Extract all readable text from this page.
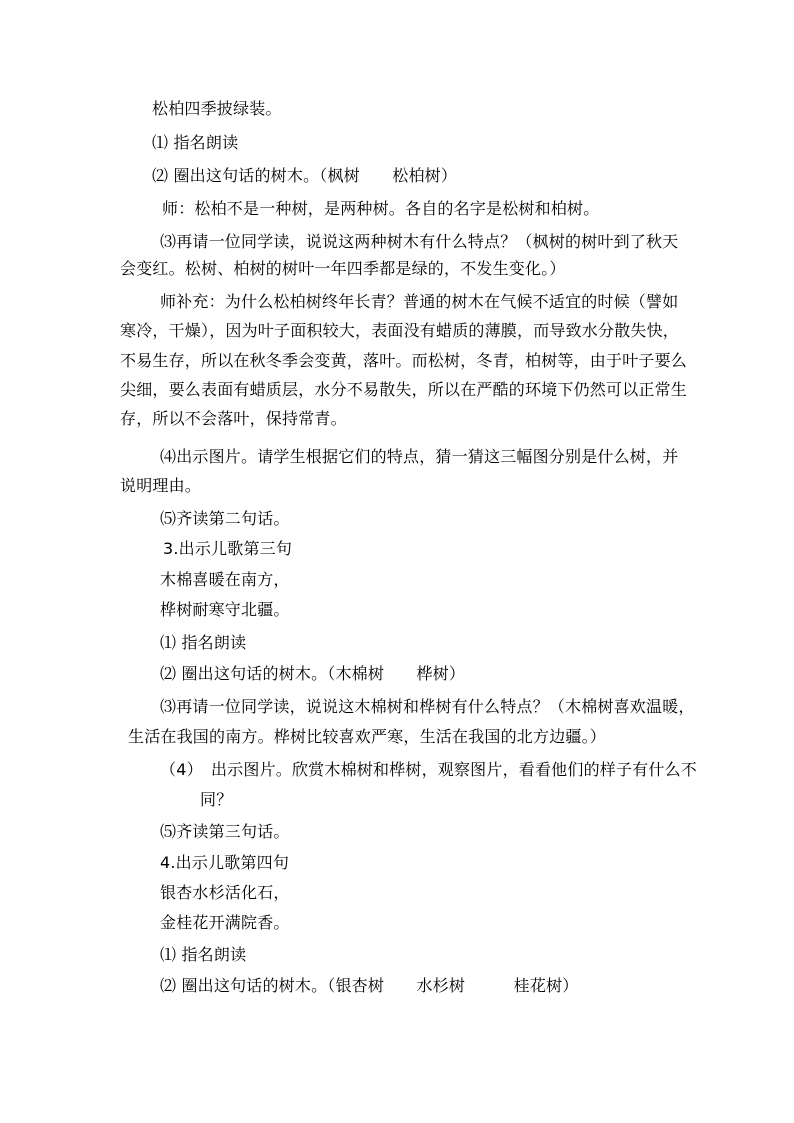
松柏四季披绿装。
⑴ 指名朗读
⑵ 圈出这句话的树木。（枫树　　松柏树）
师：松柏不是一种树，是两种树。各自的名字是松树和柏树。
⑶再请一位同学读，说说这两种树木有什么特点？（枫树的树叶到了秋天
会变红。松树、柏树的树叶一年四季都是绿的，不发生变化。）
师补充：为什么松柏树终年长青？普通的树木在气候不适宜的时候（譬如
寒冷，干燥），因为叶子面积较大，表面没有蜡质的薄膜，而导致水分散失快，
不易生存，所以在秋冬季会变黄，落叶。而松树，冬青，柏树等，由于叶子要么
尖细，要么表面有蜡质层，水分不易散失，所以在严酷的环境下仍然可以正常生
存，所以不会落叶，保持常青。
⑷出示图片。请学生根据它们的特点，猜一猜这三幅图分别是什么树，并
说明理由。
⑸齐读第二句话。
3.出示儿歌第三句
木棉喜暖在南方，
桦树耐寒守北疆。
⑴ 指名朗读
⑵ 圈出这句话的树木。（木棉树　　桦树）
⑶再请一位同学读，说说这木棉树和桦树有什么特点？（木棉树喜欢温暖，
生活在我国的南方。桦树比较喜欢严寒，生活在我国的北方边疆。）
（4）　出示图片。欣赏木棉树和桦树，观察图片，看看他们的样子有什么不
同？
⑸齐读第三句话。
4.出示儿歌第四句
银杏水杉活化石，
金桂花开满院香。
⑴ 指名朗读
⑵ 圈出这句话的树木。（银杏树　　水杉树　　　桂花树）
